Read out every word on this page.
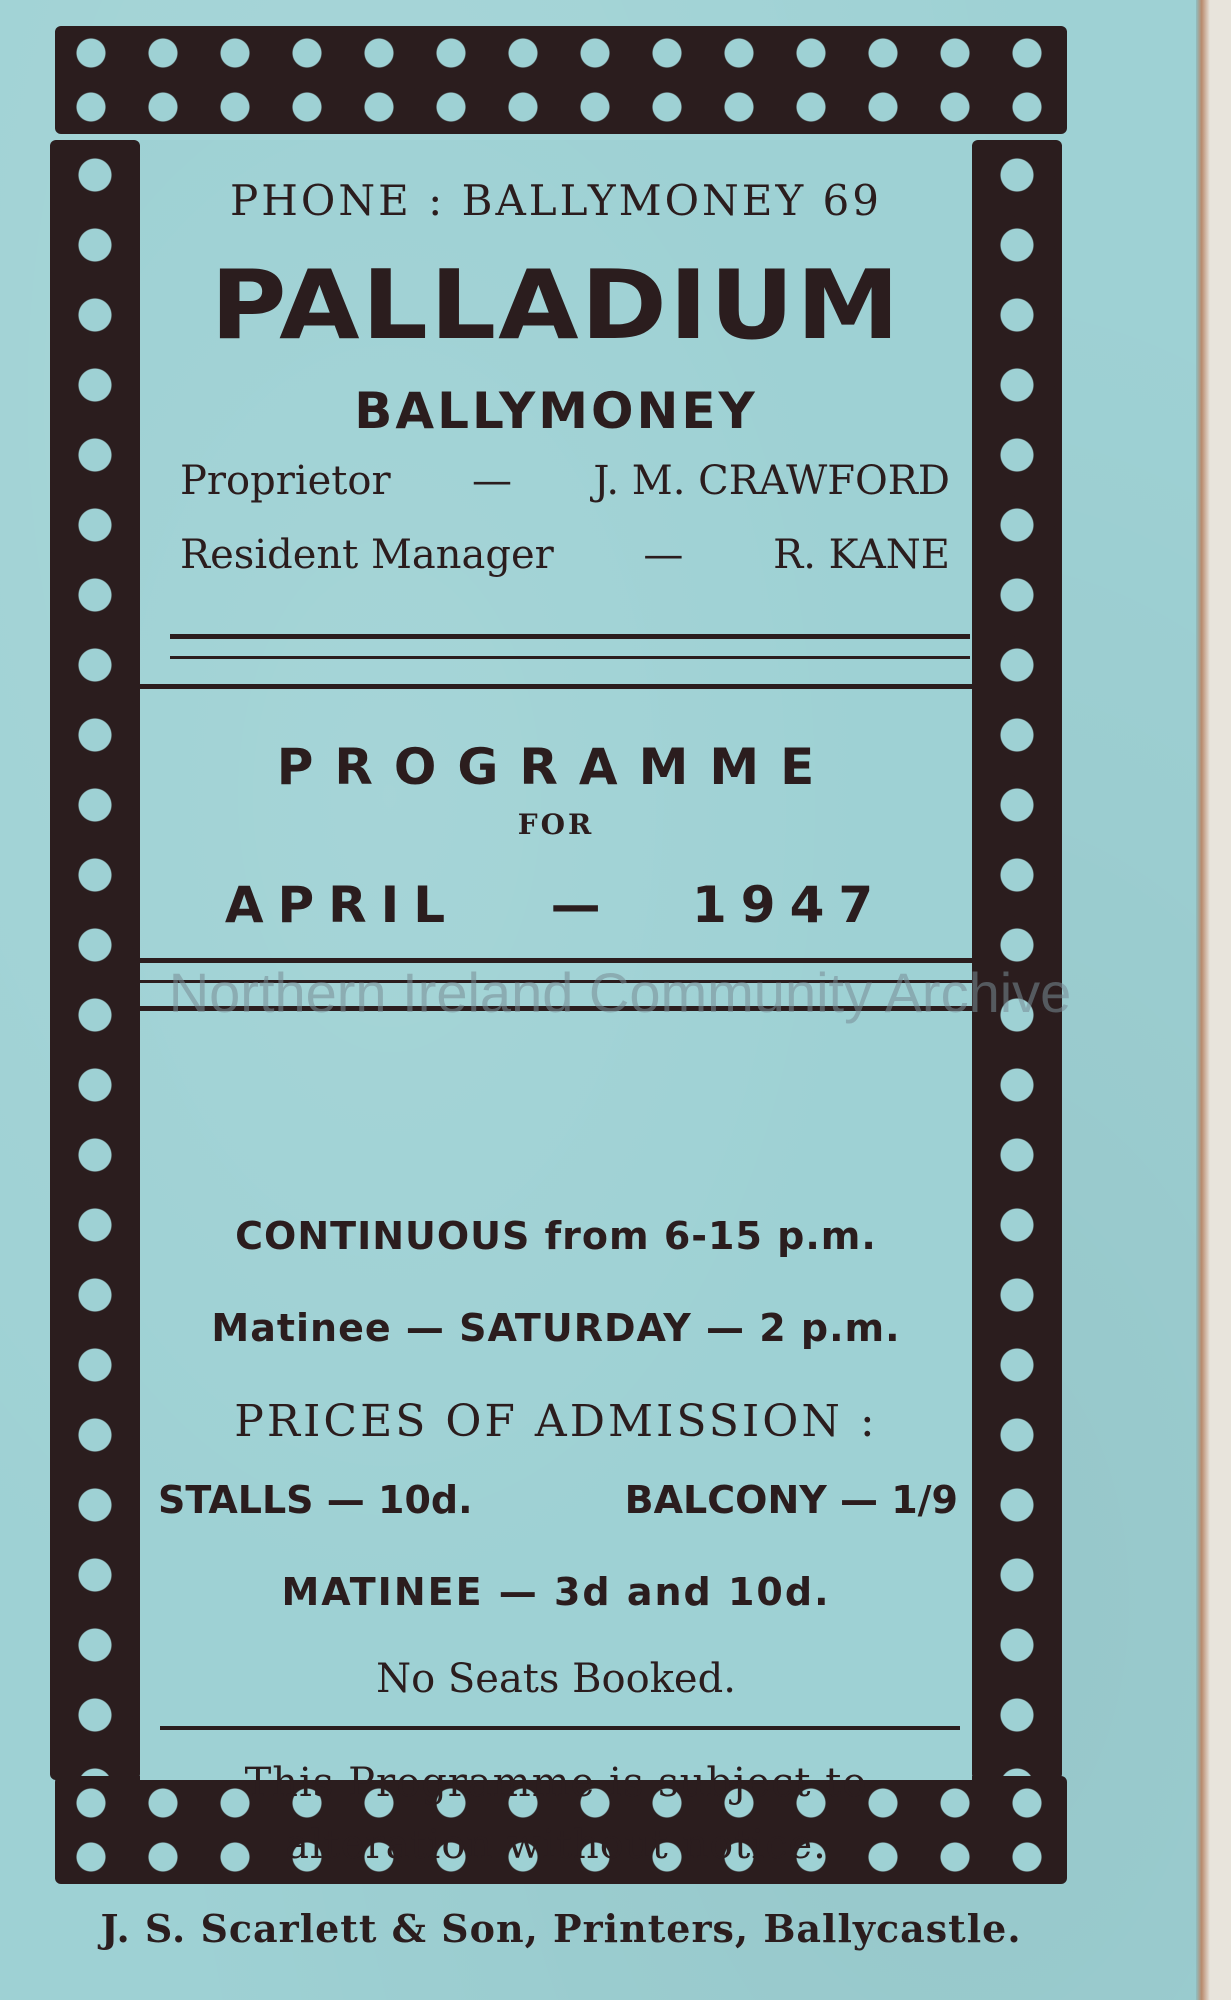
PHONE : BALLYMONEY 69
PALLADIUM
BALLYMONEY
Proprietor	—	J. M. CRAWFORD
Resident Manager	—	R. KANE
PROGRAMME
FOR
APRIL — 1947
CONTINUOUS from 6-15 p.m.
Matinee — SATURDAY — 2 p.m.
PRICES OF ADMISSION :
STALLS — 10d.	BALCONY — 1/9
MATINEE — 3d and 10d.
No Seats Booked.
This Programme is subject to
alteration without notice.
J. S. Scarlett & Son, Printers, Ballycastle.
Northern Ireland Community Archive
